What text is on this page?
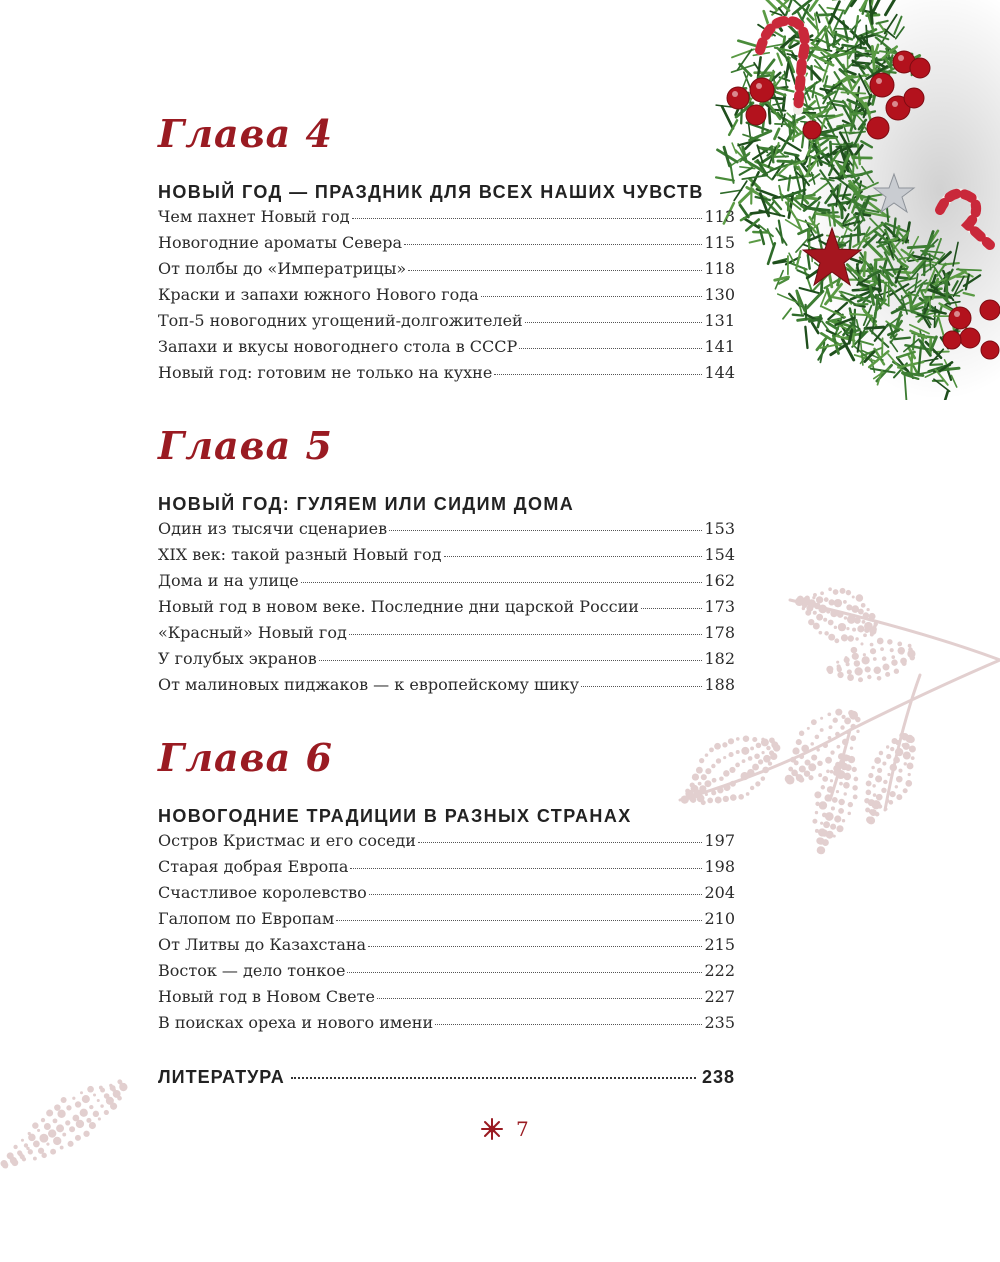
Глава 4
НОВЫЙ ГОД — ПРАЗДНИК ДЛЯ ВСЕХ НАШИХ ЧУВСТВ
Чем пахнет Новый год	113
Новогодние ароматы Севера	115
От полбы до «Императрицы»	118
Краски и запахи южного Нового года	130
Топ-5 новогодних угощений-долгожителей	131
Запахи и вкусы новогоднего стола в СССР	141
Новый год: готовим не только на кухне	144
Глава 5
НОВЫЙ ГОД: ГУЛЯЕМ ИЛИ СИДИМ ДОМА
Один из тысячи сценариев	153
XIX век: такой разный Новый год	154
Дома и на улице	162
Новый год в новом веке. Последние дни царской России	173
«Красный» Новый год	178
У голубых экранов	182
От малиновых пиджаков — к европейскому шику	188
Глава 6
НОВОГОДНИЕ ТРАДИЦИИ В РАЗНЫХ СТРАНАХ
Остров Кристмас и его соседи	197
Старая добрая Европа	198
Счастливое королевство	204
Галопом по Европам	210
От Литвы до Казахстана	215
Восток — дело тонкое	222
Новый год в Новом Свете	227
В поисках ореха и нового имени	235
ЛИТЕРАТУРА	238
7
